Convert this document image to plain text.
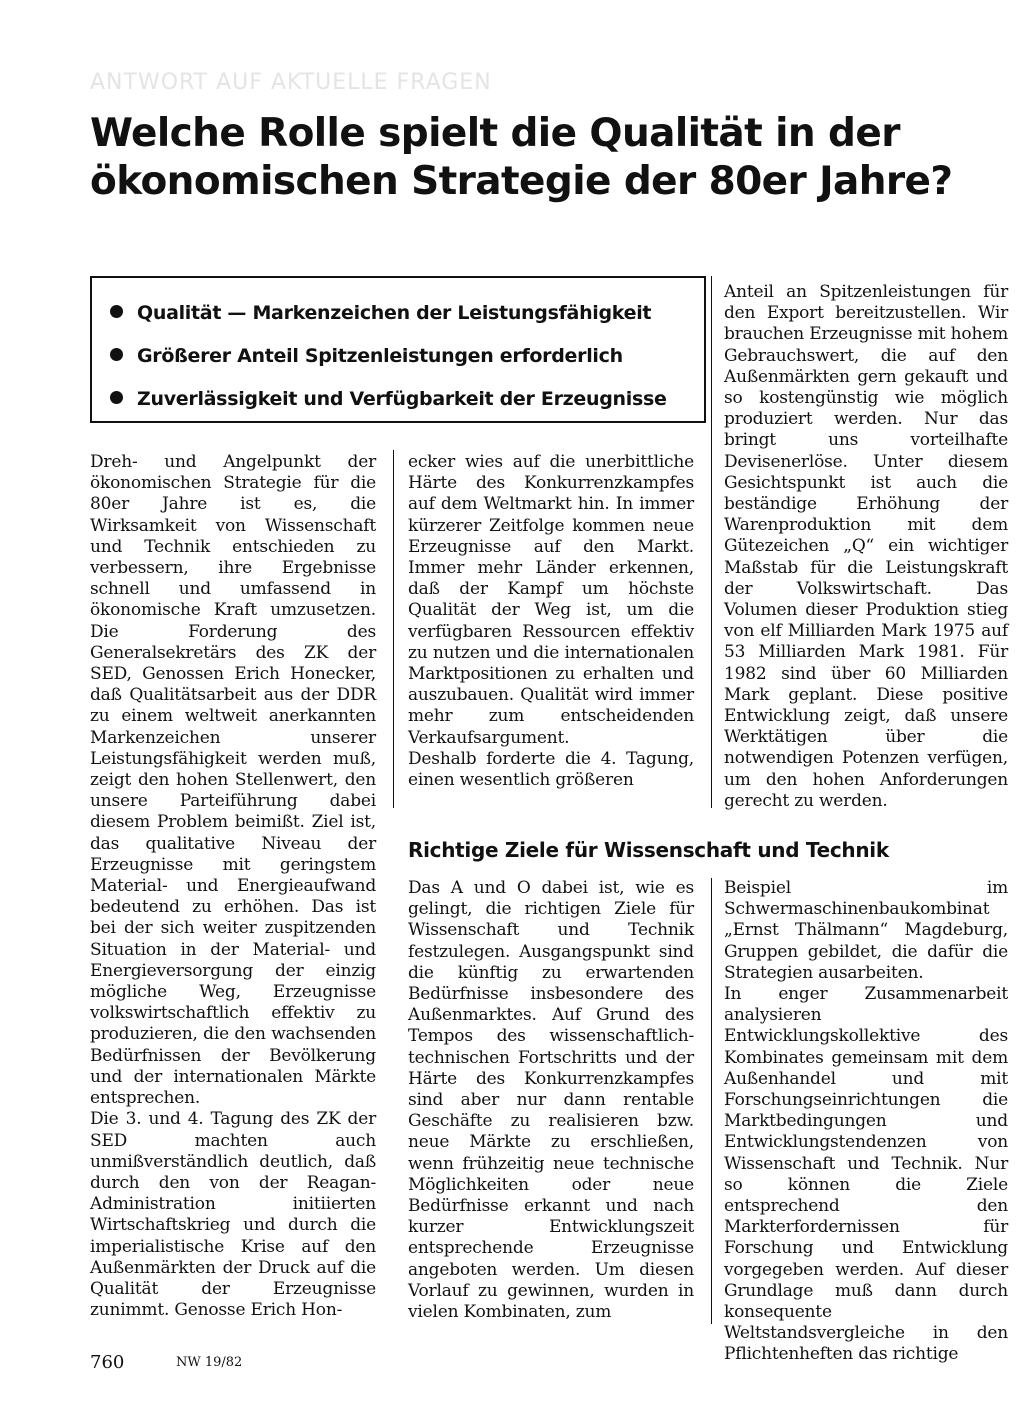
ANTWORT AUF AKTUELLE FRAGEN
Welche Rolle spielt die Qualität in der ökonomischen Strategie der 80er Jahre?
Qualität — Markenzeichen der Leistungsfähigkeit
Größerer Anteil Spitzenleistungen erforderlich
Zuverlässigkeit und Verfügbarkeit der Erzeugnisse

Dreh- und Angelpunkt der ökonomischen Strategie für die 80er Jahre ist es, die Wirksamkeit von Wissenschaft und Technik entschieden zu verbessern, ihre Ergebnisse schnell und umfassend in ökonomische Kraft umzusetzen. Die Forderung des Generalsekretärs des ZK der SED, Genossen Erich Honecker, daß Qualitätsarbeit aus der DDR zu einem weltweit anerkannten Markenzeichen unserer Leistungsfähigkeit werden muß, zeigt den hohen Stellenwert, den unsere Parteiführung dabei diesem Problem beimißt. Ziel ist, das qualitative Niveau der Erzeugnisse mit geringstem Material- und Energieaufwand bedeutend zu erhöhen. Das ist bei der sich weiter zuspitzenden Situation in der Material- und Energieversorgung der einzig mögliche Weg, Erzeugnisse volkswirtschaftlich effektiv zu produzieren, die den wachsenden Bedürfnissen der Bevölkerung und der internationalen Märkte entsprechen.

Die 3. und 4. Tagung des ZK der SED machten auch unmißverständlich deutlich, daß durch den von der Reagan-Administration initiierten Wirtschaftskrieg und durch die imperialistische Krise auf den Außenmärkten der Druck auf die Qualität der Erzeugnisse zunimmt. Genosse Erich Hon-

ecker wies auf die unerbittliche Härte des Konkurrenzkampfes auf dem Weltmarkt hin. In immer kürzerer Zeitfolge kommen neue Erzeugnisse auf den Markt. Immer mehr Länder erkennen, daß der Kampf um höchste Qualität der Weg ist, um die verfügbaren Ressourcen effektiv zu nutzen und die internationalen Marktpositionen zu erhalten und auszubauen. Qualität wird immer mehr zum entscheidenden Verkaufsargument.

Deshalb forderte die 4. Tagung, einen wesentlich größeren

Anteil an Spitzenleistungen für den Export bereitzustellen. Wir brauchen Erzeugnisse mit hohem Gebrauchswert, die auf den Außenmärkten gern gekauft und so kostengünstig wie möglich produziert werden. Nur das bringt uns vorteilhafte Devisenerlöse. Unter diesem Gesichtspunkt ist auch die beständige Erhöhung der Warenproduktion mit dem Gütezeichen „Q“ ein wichtiger Maßstab für die Leistungskraft der Volkswirtschaft. Das Volumen dieser Produktion stieg von elf Milliarden Mark 1975 auf 53 Milliarden Mark 1981. Für 1982 sind über 60 Milliarden Mark geplant. Diese positive Entwicklung zeigt, daß unsere Werktätigen über die notwendigen Potenzen verfügen, um den hohen Anforderungen gerecht zu werden.

Richtige Ziele für Wissenschaft und Technik

Das A und O dabei ist, wie es gelingt, die richtigen Ziele für Wissenschaft und Technik festzulegen. Ausgangspunkt sind die künftig zu erwartenden Bedürfnisse insbesondere des Außenmarktes. Auf Grund des Tempos des wissenschaftlich-technischen Fortschritts und der Härte des Konkurrenzkampfes sind aber nur dann rentable Geschäfte zu realisieren bzw. neue Märkte zu erschließen, wenn frühzeitig neue technische Möglichkeiten oder neue Bedürfnisse erkannt und nach kurzer Entwicklungszeit entsprechende Erzeugnisse angeboten werden. Um diesen Vorlauf zu gewinnen, wurden in vielen Kombinaten, zum

Beispiel im Schwermaschinenbaukombinat „Ernst Thälmann“ Magdeburg, Gruppen gebildet, die dafür die Strategien ausarbeiten.

In enger Zusammenarbeit analysieren Entwicklungskollektive des Kombinates gemeinsam mit dem Außenhandel und mit Forschungseinrichtungen die Marktbedingungen und Entwicklungstendenzen von Wissenschaft und Technik. Nur so können die Ziele entsprechend den Markterfordernissen für Forschung und Entwicklung vorgegeben werden. Auf dieser Grundlage muß dann durch konsequente Weltstandsvergleiche in den Pflichtenheften das richtige

760	NW 19/82
